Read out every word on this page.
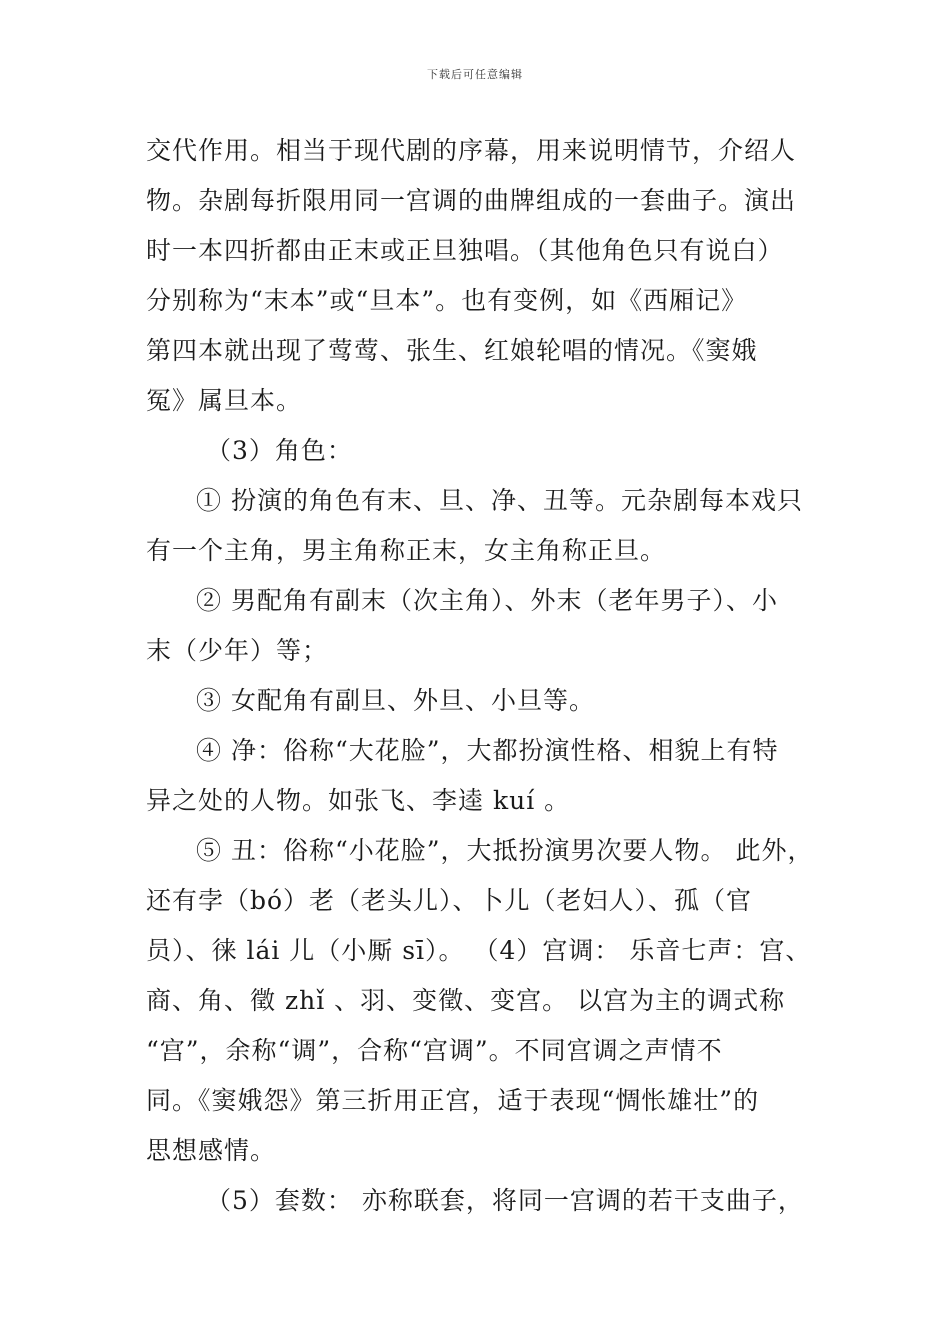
下载后可任意编辑
交代作用。相当于现代剧的序幕，用来说明情节，介绍人
物。杂剧每折限用同一宫调的曲牌组成的一套曲子。演出
时一本四折都由正末或正旦独唱。（其他角色只有说白）
分别称为“末本”或“旦本”。也有变例，如《西厢记》
第四本就出现了莺莺、张生、红娘轮唱的情况。《窦娥
冤》属旦本。
（3）角色：
① 扮演的角色有末、旦、净、丑等。元杂剧每本戏只
有一个主角，男主角称正末，女主角称正旦。
② 男配角有副末（次主角）、外末（老年男子）、小
末（少年）等；
③ 女配角有副旦、外旦、小旦等。
④ 净：俗称“大花脸”，大都扮演性格、相貌上有特
异之处的人物。如张飞、李逵 kuí 。
⑤ 丑：俗称“小花脸”，大抵扮演男次要人物。 此外，
还有孛（bó）老（老头儿）、卜儿（老妇人）、孤（官
员）、徕 lái 儿（小厮 sī）。 （4）宫调： 乐音七声：宫、
商、角、徵 zhǐ 、羽、变徵、变宫。 以宫为主的调式称
“宫”，余称“调”，合称“宫调”。不同宫调之声情不
同。《窦娥怨》第三折用正宫，适于表现“惆怅雄壮”的
思想感情。
（5）套数： 亦称联套，将同一宫调的若干支曲子，
